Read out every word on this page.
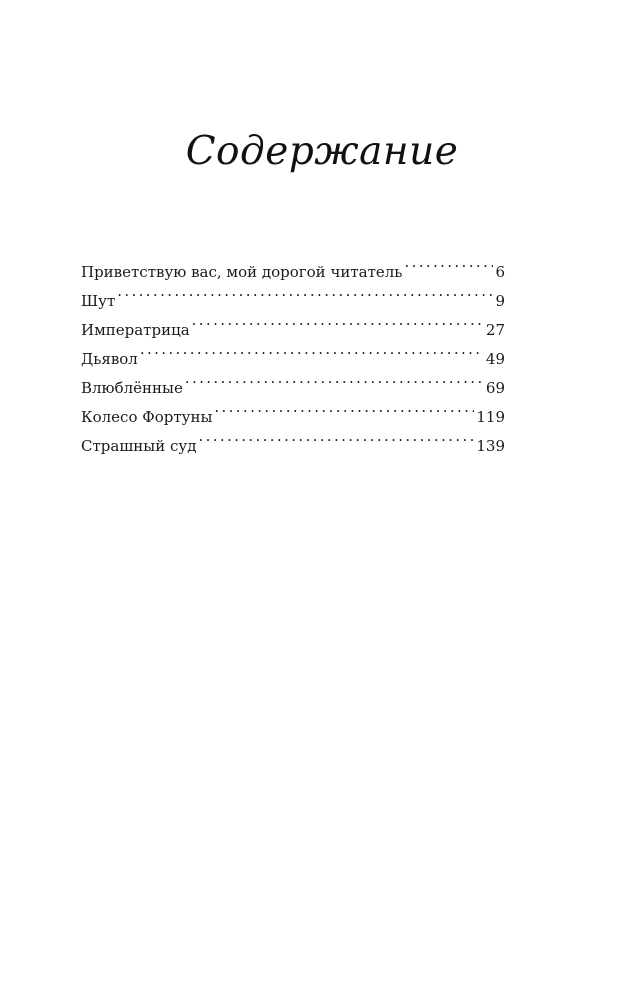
Содержание
Приветствую вас, мой дорогой читатель . . .	6
Шут . . .	9
Императрица . . .	27
Дьявол . . .	49
Влюблённые . . .	69
Колесо Фортуны . . .	119
Страшный суд . . .	139
